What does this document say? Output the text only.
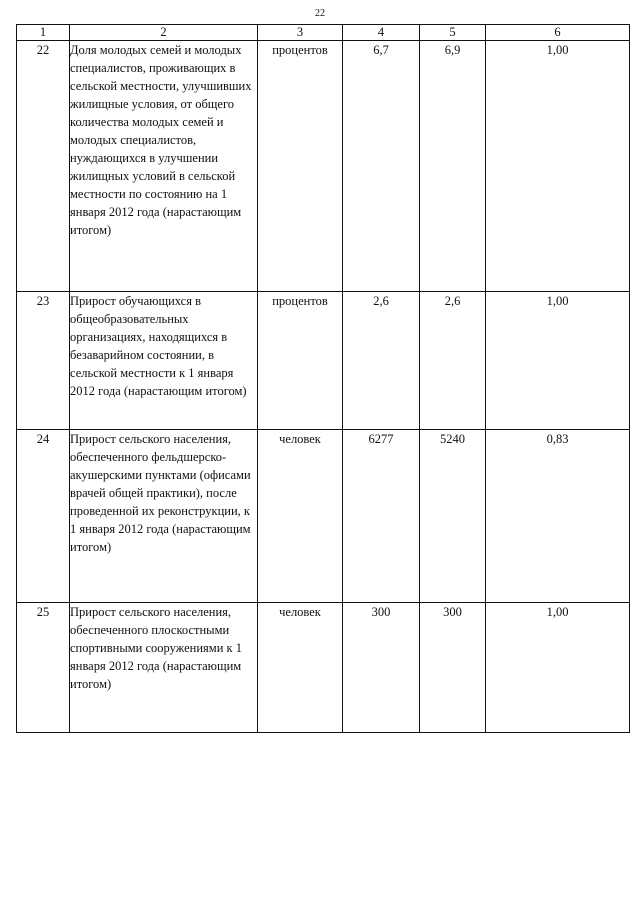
22
1	2	3	4	5	6
22	Доля молодых семей и молодых специалистов, проживающих в сельской местности, улучшивших жилищные условия, от общего количества молодых семей и молодых специалистов, нуждающихся в улучшении жилищных условий в сельской местности по состоянию на 1 января 2012 года (нарастающим итогом)	процентов	6,7	6,9	1,00
23	Прирост обучающихся в общеобразовательных организациях, находящихся в безаварийном состоянии, в сельской местности к 1 января 2012 года (нарастающим итогом)	процентов	2,6	2,6	1,00
24	Прирост сельского населения, обеспеченного фельдшерско-акушерскими пунктами (офисами врачей общей практики), после проведенной их реконструкции, к 1 января 2012 года (нарастающим итогом)	человек	6277	5240	0,83
25	Прирост сельского населения, обеспеченного плоскостными спортивными сооружениями к 1 января 2012 года (нарастающим итогом)	человек	300	300	1,00
